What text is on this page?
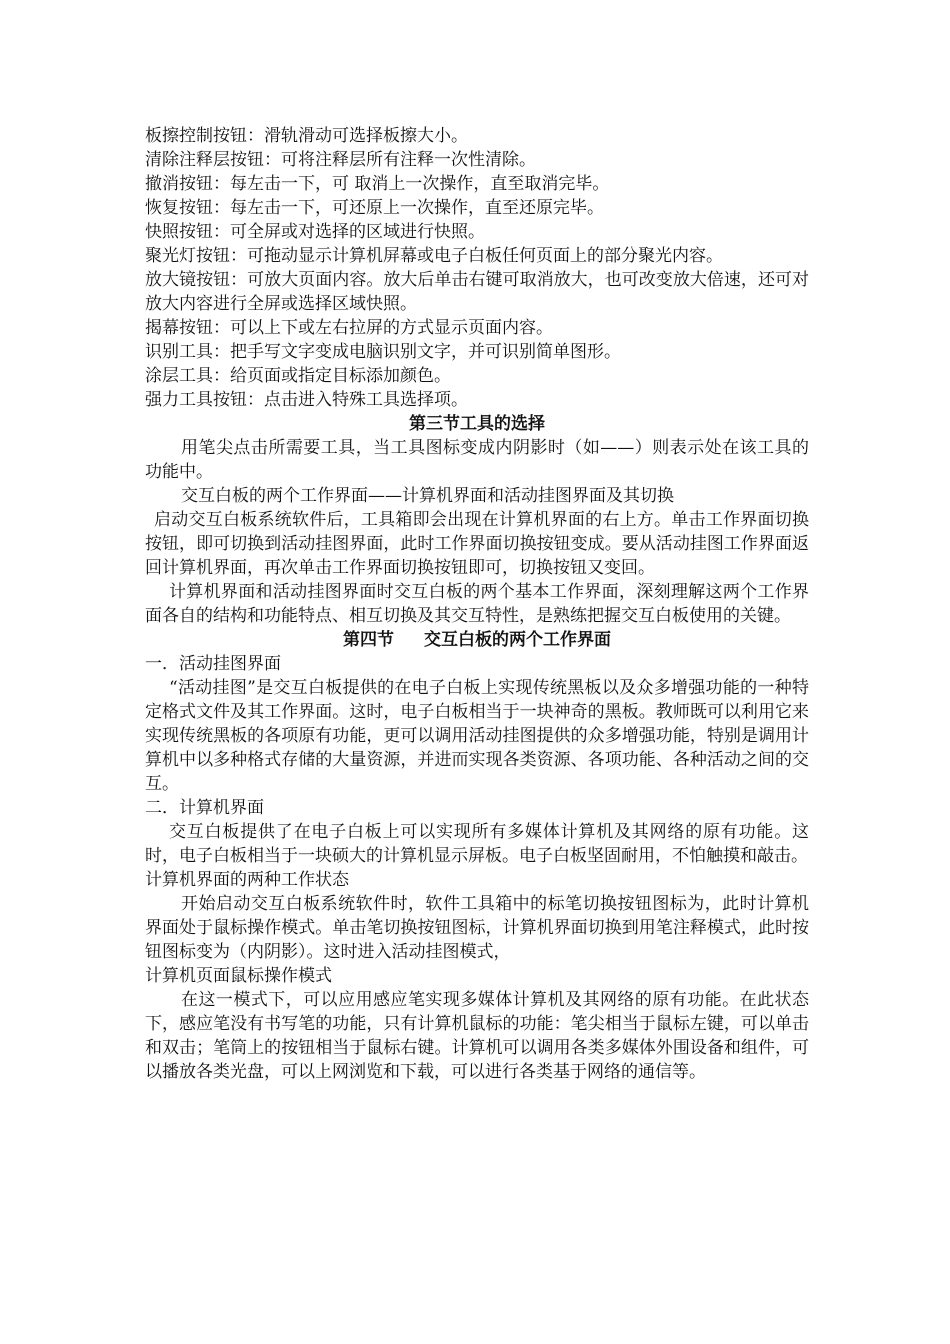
板擦控制按钮：滑轨滑动可选择板擦大小。

清除注释层按钮：可将注释层所有注释一次性清除。

撤消按钮：每左击一下，可 取消上一次操作，直至取消完毕。

恢复按钮：每左击一下，可还原上一次操作，直至还原完毕。

快照按钮：可全屏或对选择的区域进行快照。

聚光灯按钮：可拖动显示计算机屏幕或电子白板任何页面上的部分聚光内容。

放大镜按钮：可放大页面内容。放大后单击右键可取消放大，也可改变放大倍速，还可对放大内容进行全屏或选择区域快照。

揭幕按钮：可以上下或左右拉屏的方式显示页面内容。

识别工具：把手写文字变成电脑识别文字，并可识别简单图形。

涂层工具：给页面或指定目标添加颜色。

强力工具按钮：点击进入特殊工具选择项。

第三节工具的选择

用笔尖点击所需要工具，当工具图标变成内阴影时（如——）则表示处在该工具的功能中。

交互白板的两个工作界面——计算机界面和活动挂图界面及其切换

启动交互白板系统软件后，工具箱即会出现在计算机界面的右上方。单击工作界面切换按钮，即可切换到活动挂图界面，此时工作界面切换按钮变成。要从活动挂图工作界面返回计算机界面，再次单击工作界面切换按钮即可，切换按钮又变回。

计算机界面和活动挂图界面时交互白板的两个基本工作界面，深刻理解这两个工作界面各自的结构和功能特点、相互切换及其交互特性，是熟练把握交互白板使用的关键。

第四节 交互白板的两个工作界面

一．活动挂图界面

“活动挂图”是交互白板提供的在电子白板上实现传统黑板以及众多增强功能的一种特定格式文件及其工作界面。这时，电子白板相当于一块神奇的黑板。教师既可以利用它来实现传统黑板的各项原有功能，更可以调用活动挂图提供的众多增强功能，特别是调用计算机中以多种格式存储的大量资源，并进而实现各类资源、各项功能、各种活动之间的交互。

二．计算机界面

交互白板提供了在电子白板上可以实现所有多媒体计算机及其网络的原有功能。这时，电子白板相当于一块硕大的计算机显示屏板。电子白板坚固耐用，不怕触摸和敲击。

计算机界面的两种工作状态

开始启动交互白板系统软件时，软件工具箱中的标笔切换按钮图标为，此时计算机界面处于鼠标操作模式。单击笔切换按钮图标，计算机界面切换到用笔注释模式，此时按钮图标变为（内阴影）。这时进入活动挂图模式，

计算机页面鼠标操作模式

在这一模式下，可以应用感应笔实现多媒体计算机及其网络的原有功能。在此状态下，感应笔没有书写笔的功能，只有计算机鼠标的功能：笔尖相当于鼠标左键，可以单击和双击；笔筒上的按钮相当于鼠标右键。计算机可以调用各类多媒体外围设备和组件，可以播放各类光盘，可以上网浏览和下载，可以进行各类基于网络的通信等。
